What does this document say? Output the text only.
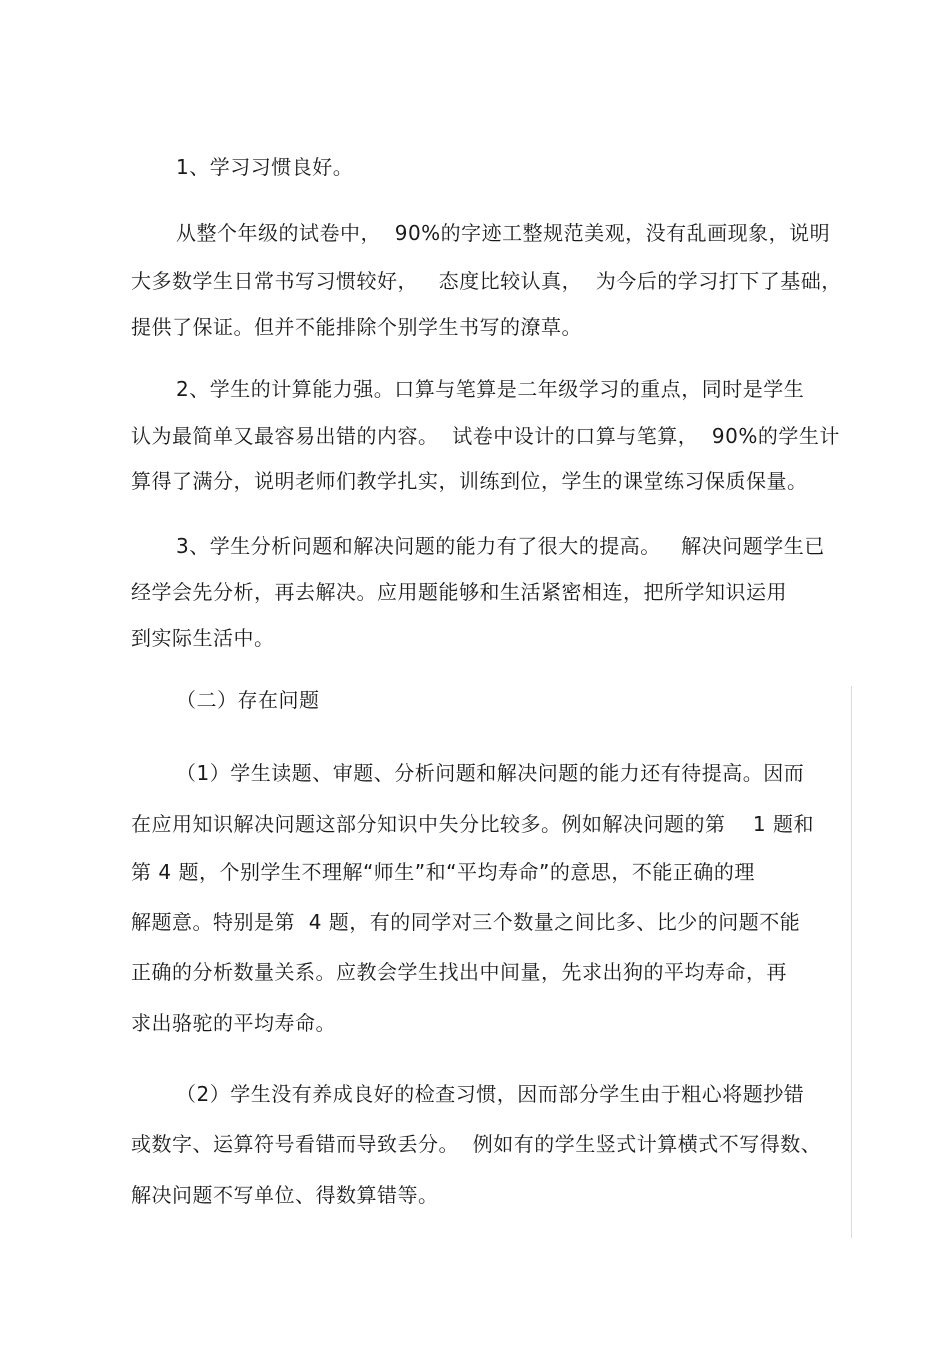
1、学习习惯良好。
从整个年级的试卷中，  90%的字迹工整规范美观，没有乱画现象，说明
大多数学生日常书写习惯较好，   态度比较认真，  为今后的学习打下了基础，
提供了保证。但并不能排除个别学生书写的潦草。
2、学生的计算能力强。口算与笔算是二年级学习的重点，同时是学生
认为最简单又最容易出错的内容。  试卷中设计的口算与笔算，  90%的学生计
算得了满分，说明老师们教学扎实，训练到位，学生的课堂练习保质保量。
3、学生分析问题和解决问题的能力有了很大的提高。   解决问题学生已
经学会先分析，再去解决。应用题能够和生活紧密相连，把所学知识运用
到实际生活中。
（二）存在问题
（1）学生读题、审题、分析问题和解决问题的能力还有待提高。因而
在应用知识解决问题这部分知识中失分比较多。例如解决问题的第    1 题和
第 4 题，个别学生不理解“师生”和“平均寿命”的意思，不能正确的理
解题意。特别是第  4 题，有的同学对三个数量之间比多、比少的问题不能
正确的分析数量关系。应教会学生找出中间量，先求出狗的平均寿命，再
求出骆驼的平均寿命。
（2）学生没有养成良好的检查习惯，因而部分学生由于粗心将题抄错
或数字、运算符号看错而导致丢分。  例如有的学生竖式计算横式不写得数、
解决问题不写单位、得数算错等。
